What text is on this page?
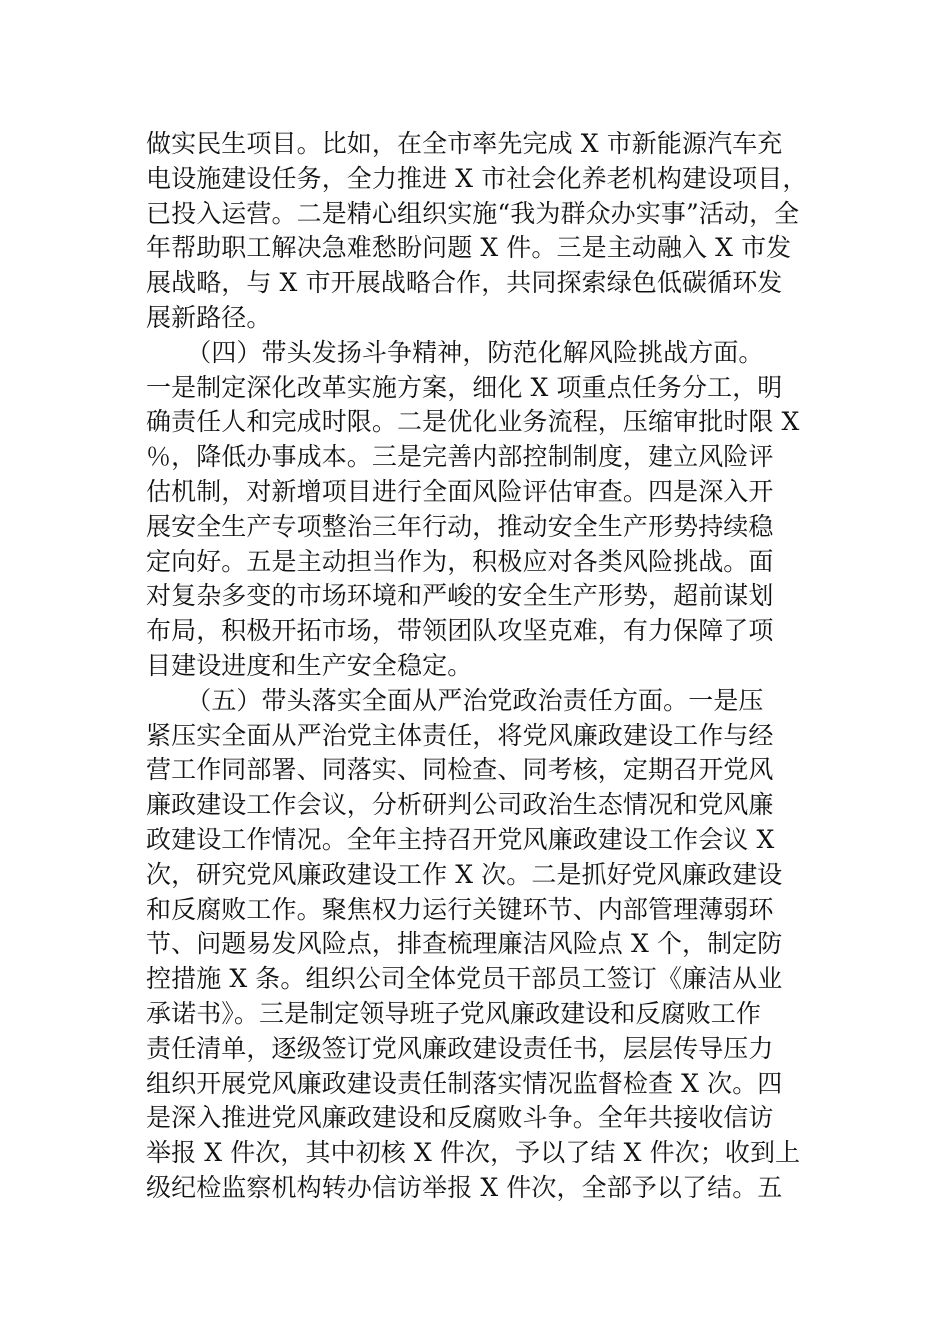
做实民生项目。比如，在全市率先完成 X 市新能源汽车充
电设施建设任务，全力推进 X 市社会化养老机构建设项目，
已投入运营。二是精心组织实施“我为群众办实事”活动，全
年帮助职工解决急难愁盼问题 X 件。三是主动融入 X 市发
展战略，与 X 市开展战略合作，共同探索绿色低碳循环发
展新路径。
（四）带头发扬斗争精神，防范化解风险挑战方面。
一是制定深化改革实施方案，细化 X 项重点任务分工，明
确责任人和完成时限。二是优化业务流程，压缩审批时限 X
％，降低办事成本。三是完善内部控制制度，建立风险评
估机制，对新增项目进行全面风险评估审查。四是深入开
展安全生产专项整治三年行动，推动安全生产形势持续稳
定向好。五是主动担当作为，积极应对各类风险挑战。面
对复杂多变的市场环境和严峻的安全生产形势，超前谋划
布局，积极开拓市场，带领团队攻坚克难，有力保障了项
目建设进度和生产安全稳定。
（五）带头落实全面从严治党政治责任方面。一是压
紧压实全面从严治党主体责任，将党风廉政建设工作与经
营工作同部署、同落实、同检查、同考核，定期召开党风
廉政建设工作会议，分析研判公司政治生态情况和党风廉
政建设工作情况。全年主持召开党风廉政建设工作会议 X
次，研究党风廉政建设工作 X 次。二是抓好党风廉政建设
和反腐败工作。聚焦权力运行关键环节、内部管理薄弱环
节、问题易发风险点，排查梳理廉洁风险点 X 个，制定防
控措施 X 条。组织公司全体党员干部员工签订《廉洁从业
承诺书》。三是制定领导班子党风廉政建设和反腐败工作
责任清单，逐级签订党风廉政建设责任书，层层传导压力
组织开展党风廉政建设责任制落实情况监督检查 X 次。四
是深入推进党风廉政建设和反腐败斗争。全年共接收信访
举报 X 件次，其中初核 X 件次，予以了结 X 件次；收到上
级纪检监察机构转办信访举报 X 件次，全部予以了结。五
